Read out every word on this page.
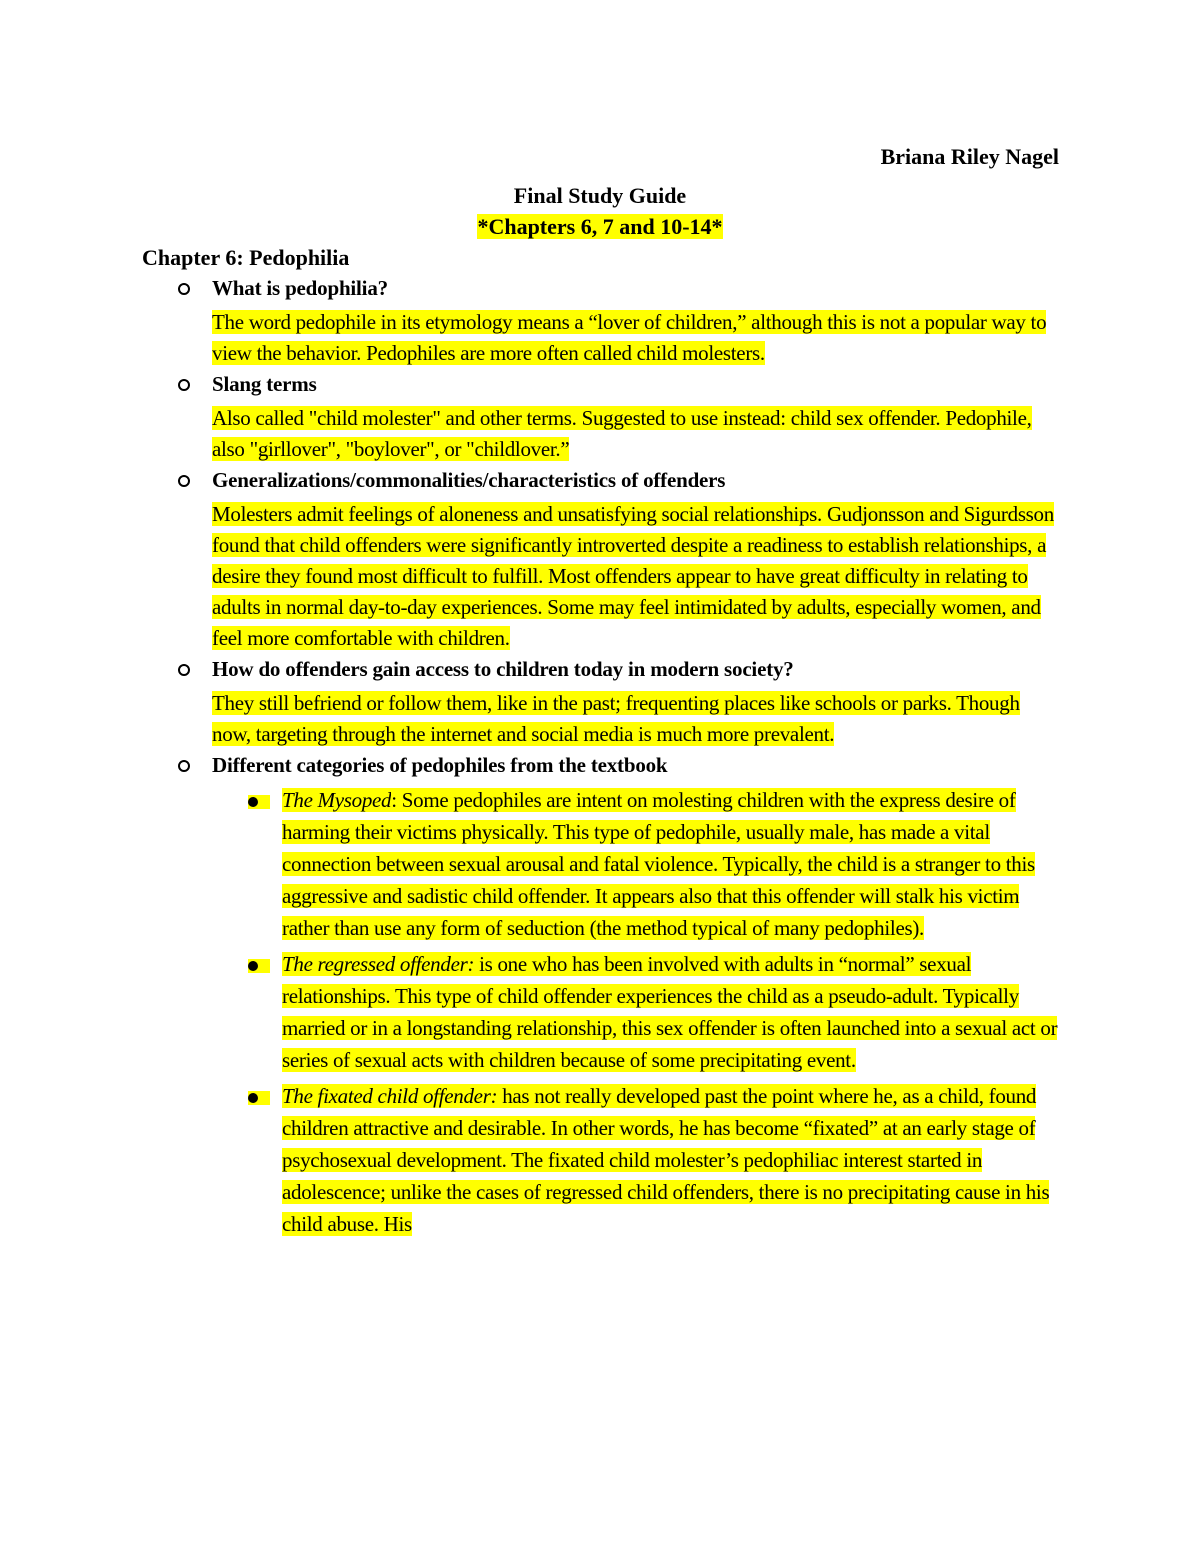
Briana Riley Nagel
Final Study Guide
*Chapters 6, 7 and 10-14*
Chapter 6: Pedophilia
What is pedophilia?
The word pedophile in its etymology means a “lover of children,” although this is not a popular way to view the behavior. Pedophiles are more often called child molesters.
Slang terms
Also called "child molester" and other terms. Suggested to use instead: child sex offender. Pedophile, also "girllover", "boylover", or "childlover.”
Generalizations/commonalities/characteristics of offenders
Molesters admit feelings of aloneness and unsatisfying social relationships. Gudjonsson and Sigurdsson found that child offenders were significantly introverted despite a readiness to establish relationships, a desire they found most difficult to fulfill. Most offenders appear to have great difficulty in relating to adults in normal day-to-day experiences. Some may feel intimidated by adults, especially women, and feel more comfortable with children.
How do offenders gain access to children today in modern society?
They still befriend or follow them, like in the past; frequenting places like schools or parks. Though now, targeting through the internet and social media is much more prevalent.
Different categories of pedophiles from the textbook
The Mysoped: Some pedophiles are intent on molesting children with the express desire of harming their victims physically. This type of pedophile, usually male, has made a vital connection between sexual arousal and fatal violence. Typically, the child is a stranger to this aggressive and sadistic child offender. It appears also that this offender will stalk his victim rather than use any form of seduction (the method typical of many pedophiles).
The regressed offender: is one who has been involved with adults in “normal” sexual relationships. This type of child offender experiences the child as a pseudo-adult. Typically married or in a longstanding relationship, this sex offender is often launched into a sexual act or series of sexual acts with children because of some precipitating event.
The fixated child offender: has not really developed past the point where he, as a child, found children attractive and desirable. In other words, he has become “fixated” at an early stage of psychosexual development. The fixated child molester’s pedophiliac interest started in adolescence; unlike the cases of regressed child offenders, there is no precipitating cause in his child abuse. His
